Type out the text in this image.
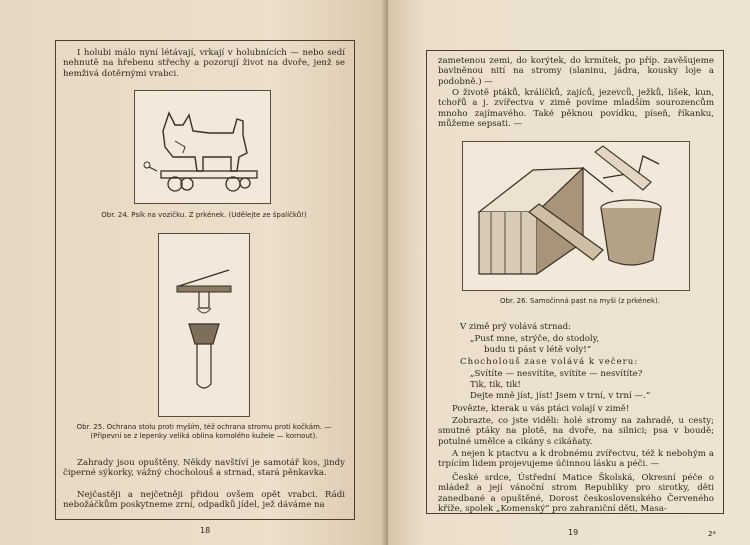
I holubi málo nyní létávají, vrkají v holubnících — nebo sedí nehnutě na hřebenu střechy a pozorují život na dvoře, jenž se hemživá dotěrnými vrabci.
Obr. 24. Psík na vozíčku. Z prkének. (Udělejte ze špalíčků!)
Obr. 25. Ochrana stolu proti myším, též ochrana stromu proti kočkám. — (Připevní se z lepenky veliká oblina komolého kužele — kornout).
Zahrady jsou opuštěny. Někdy navštíví je samotář kos, jindy čiperné sýkorky, vážný chocholouš a strnad, stará pěnkavka.
Nejčastěji a nejčetněji přidou ovšem opět vrabci. Rádi nebožáčkům poskytneme zrní, odpadků jídel, jež dáváme na
18
zametenou zemi, do korýtek, do krmítek, po příp. zavěšujeme bavlněnou nití na stromy (slaninu, jádra, kousky loje a podobně.) —
O životě ptáků, králíčků, zajíců, jezevců, ježků, lišek, kun, tchořů a j. zvířectva v zimě povíme mladším sourozencům mnoho zajímavého. Také pěknou povídku, píseň, říkanku, můžeme sepsati. —
Obr. 26. Samočinná past na myši (z prkének).
V zimě prý volává strnad:
„Pusť mne, strýče, do stodoly,
budu ti pást v létě voly!“
Chocholouš zase volává k večeru:
„Svítíte — nesvítíte, svítíte — nesvítíte?
Tik, tik, tik!
Dejte mně jíst, jíst! Jsem v trní, v trní —.“
Povězte, kterak u vás ptáci volají v zimě!
Zobrazte, co jste viděli: holé stromy na zahradě, u cesty; smutné ptáky na plotě, na dvoře, na silnici; psa v boudě; potulné umělce a cikány s cikáňaty.
A nejen k ptactvu a k drobnému zvířectvu, též k nebohým a trpícím lidem projevujeme účinnou lásku a péči. —
České srdce, Ústřední Matice Školská, Okresní péče o mládež a její vánoční strom Republiky pro sirotky, děti zanedbané a opuštěné, Dorost československého Červeného kříže, spolek „Komenský“ pro zahraniční děti, Masa-
19	2*
